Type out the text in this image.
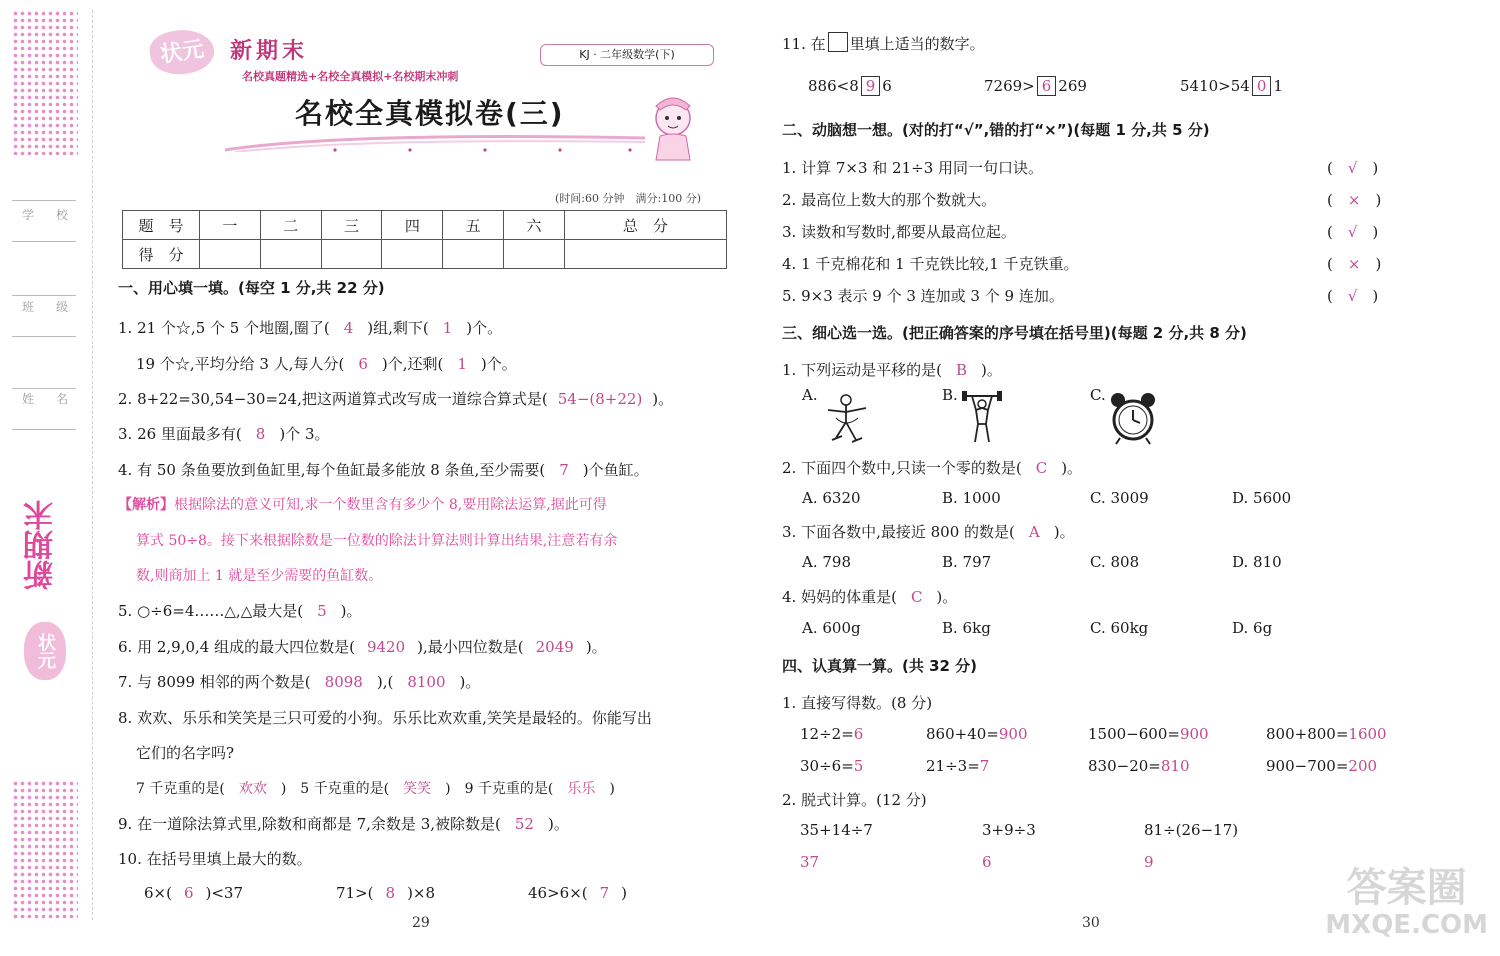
学校
班级
姓名
新期末
状元
状元	新期末
名校真题精选+名校全真模拟+名校期末冲刺
KJ · 二年级数学(下)
名校全真模拟卷(三)
(时间:60 分钟　满分:100 分)
题　号	一	二	三	四	五	六	总　分
得　分							
一、用心填一填。(每空 1 分,共 22 分)
1. 21 个☆,5 个 5 个地圈,圈了( 4 )组,剩下( 1 )个。
19 个☆,平均分给 3 人,每人分( 6 )个,还剩( 1 )个。
2. 8+22=30,54−30=24,把这两道算式改写成一道综合算式是( 54−(8+22) )。
3. 26 里面最多有( 8 )个 3。
4. 有 50 条鱼要放到鱼缸里,每个鱼缸最多能放 8 条鱼,至少需要( 7 )个鱼缸。
【解析】根据除法的意义可知,求一个数里含有多少个 8,要用除法运算,据此可得
算式 50÷8。接下来根据除数是一位数的除法计算法则计算出结果,注意若有余
数,则商加上 1 就是至少需要的鱼缸数。
5. ○÷6=4……△,△最大是( 5 )。
6. 用 2,9,0,4 组成的最大四位数是( 9420 ),最小四位数是( 2049 )。
7. 与 8099 相邻的两个数是( 8098 ),( 8100 )。
8. 欢欢、乐乐和笑笑是三只可爱的小狗。乐乐比欢欢重,笑笑是最轻的。你能写出
它们的名字吗?
7 千克重的是( 欢欢 )　5 千克重的是( 笑笑 )　9 千克重的是( 乐乐 )
9. 在一道除法算式里,除数和商都是 7,余数是 3,被除数是( 52 )。
10. 在括号里填上最大的数。
6×( 6 )<37	71>( 8 )×8	46>6×( 7 )
29
11. 在 里填上适当的数字。
886<8 9 6	7269> 6 269	5410>54 0 1
二、动脑想一想。(对的打“√”,错的打“×”)(每题 1 分,共 5 分)
1. 计算 7×3 和 21÷3 用同一句口诀。	(　√　)
2. 最高位上数大的那个数就大。	(　×　)
3. 读数和写数时,都要从最高位起。	(　√　)
4. 1 千克棉花和 1 千克铁比较,1 千克铁重。	(　×　)
5. 9×3 表示 9 个 3 连加或 3 个 9 连加。	(　√　)
三、细心选一选。(把正确答案的序号填在括号里)(每题 2 分,共 8 分)
1. 下列运动是平移的是( B )。
A.	B.	C.
2. 下面四个数中,只读一个零的数是( C )。
A. 6320	B. 1000	C. 3009	D. 5600
3. 下面各数中,最接近 800 的数是( A )。
A. 798	B. 797	C. 808	D. 810
4. 妈妈的体重是( C )。
A. 600g	B. 6kg	C. 60kg	D. 6g
四、认真算一算。(共 32 分)
1. 直接写得数。(8 分)
12÷2=6	860+40=900	1500−600=900	800+800=1600
30÷6=5	21÷3=7	830−20=810	900−700=200
2. 脱式计算。(12 分)
35+14÷7	3+9÷3	81÷(26−17)
37	6	9
30
答案圈
MXQE.COM
